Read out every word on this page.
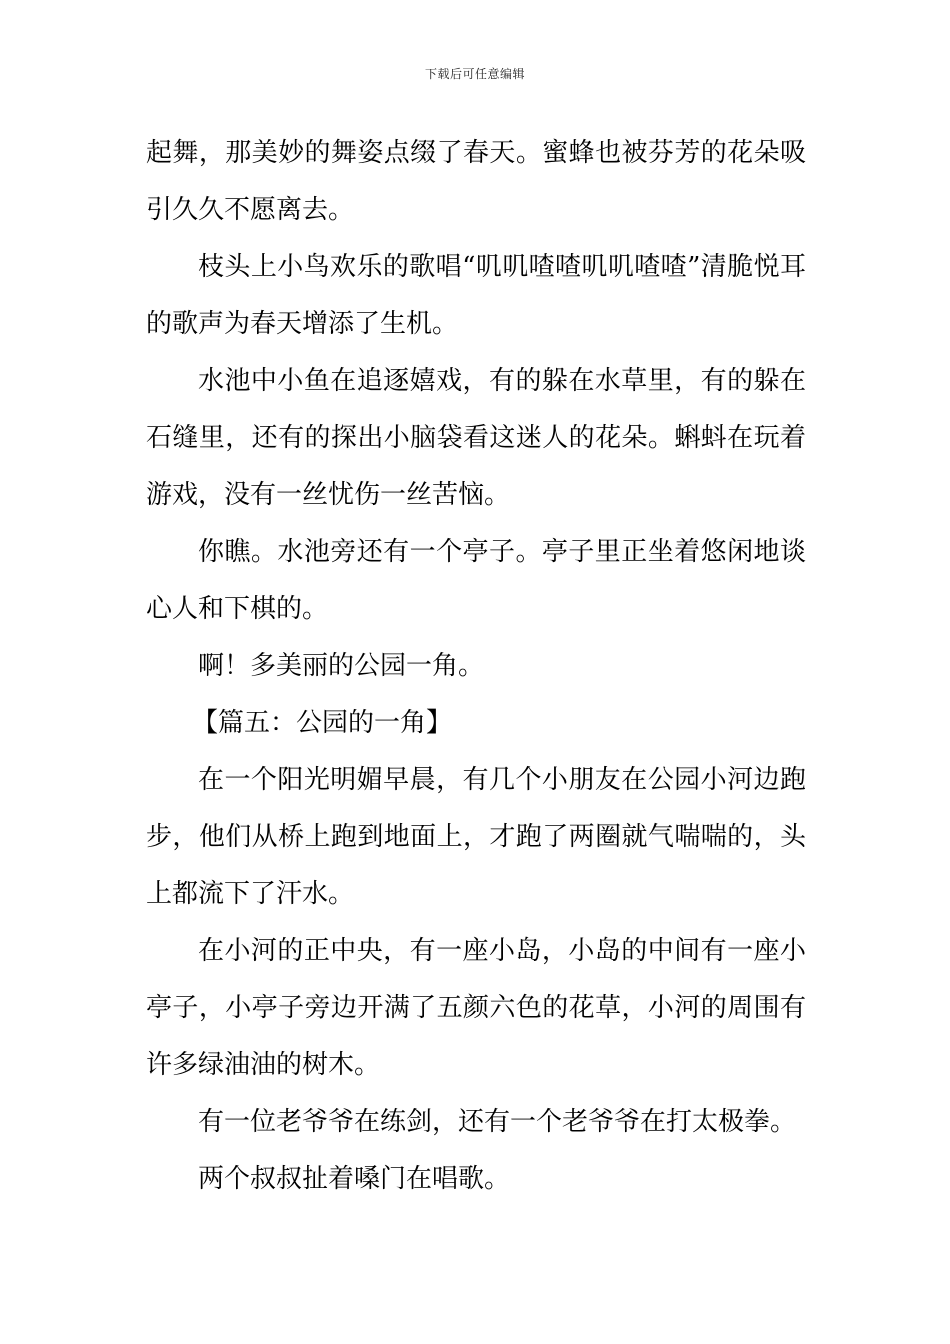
下载后可任意编辑

起舞，那美妙的舞姿点缀了春天。蜜蜂也被芬芳的花朵吸引久久不愿离去。

枝头上小鸟欢乐的歌唱“叽叽喳喳叽叽喳喳”清脆悦耳的歌声为春天增添了生机。

水池中小鱼在追逐嬉戏，有的躲在水草里，有的躲在石缝里，还有的探出小脑袋看这迷人的花朵。蝌蚪在玩着游戏，没有一丝忧伤一丝苦恼。

你瞧。水池旁还有一个亭子。亭子里正坐着悠闲地谈心人和下棋的。

啊！多美丽的公园一角。

【篇五：公园的一角】

在一个阳光明媚早晨，有几个小朋友在公园小河边跑步，他们从桥上跑到地面上，才跑了两圈就气喘喘的，头上都流下了汗水。

在小河的正中央，有一座小岛，小岛的中间有一座小亭子，小亭子旁边开满了五颜六色的花草，小河的周围有许多绿油油的树木。

有一位老爷爷在练剑，还有一个老爷爷在打太极拳。

两个叔叔扯着嗓门在唱歌。
